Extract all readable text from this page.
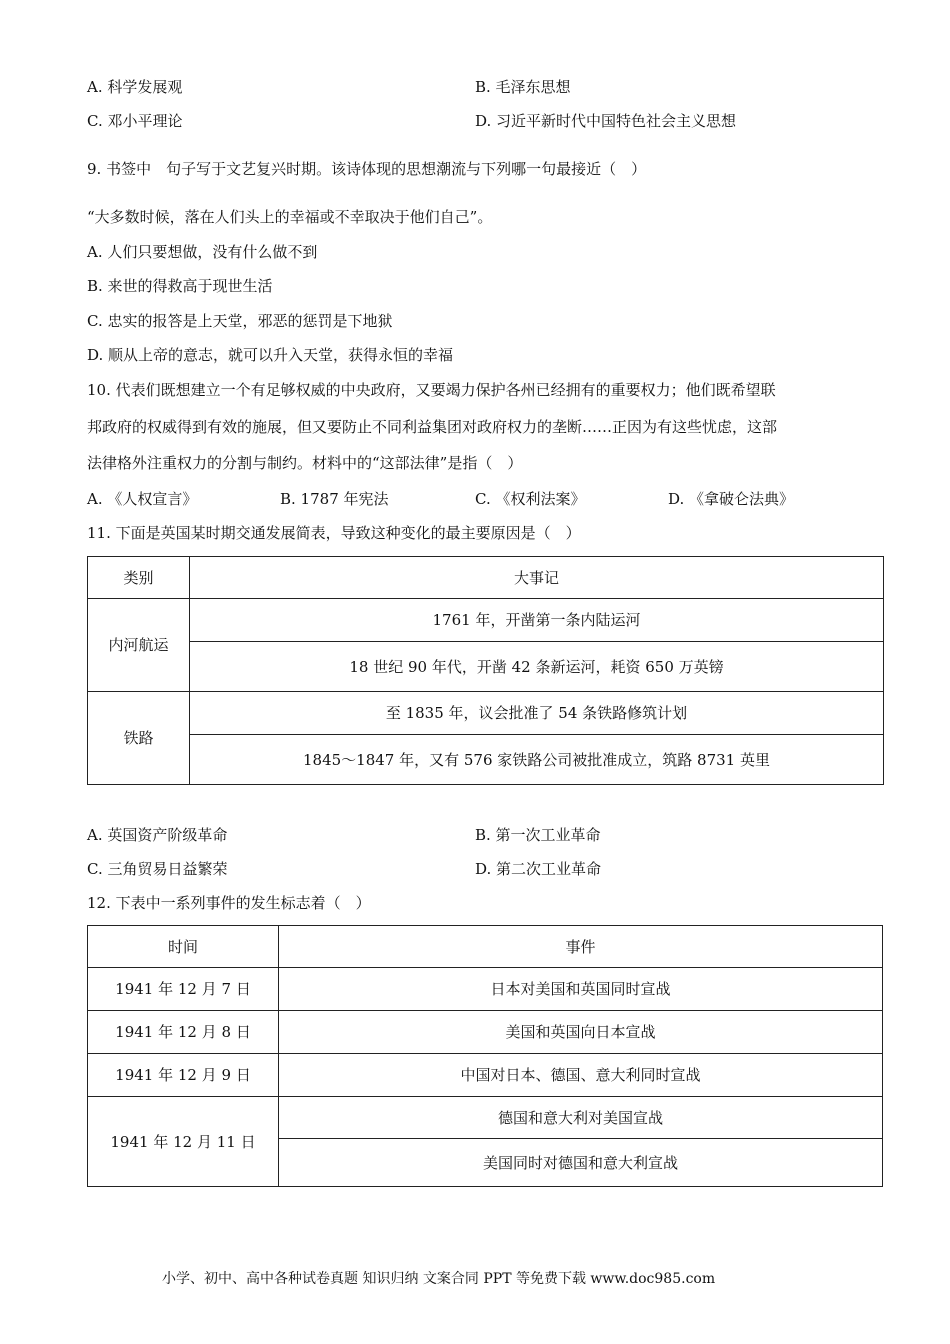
A. 科学发展观	B. 毛泽东思想
C. 邓小平理论	D. 习近平新时代中国特色社会主义思想
9. 书签中　句子写于文艺复兴时期。该诗体现的思想潮流与下列哪一句最接近（　）
“大多数时候，落在人们头上的幸福或不幸取决于他们自己”。
A. 人们只要想做，没有什么做不到
B. 来世的得救高于现世生活
C. 忠实的报答是上天堂，邪恶的惩罚是下地狱
D. 顺从上帝的意志，就可以升入天堂，获得永恒的幸福
10. 代表们既想建立一个有足够权威的中央政府，又要竭力保护各州已经拥有的重要权力；他们既希望联
邦政府的权威得到有效的施展，但又要防止不同利益集团对政府权力的垄断……正因为有这些忧虑，这部
法律格外注重权力的分割与制约。材料中的“这部法律”是指（　）
A. 《人权宣言》	B. 1787 年宪法	C. 《权利法案》	D. 《拿破仑法典》
11. 下面是英国某时期交通发展简表，导致这种变化的最主要原因是（　）
类别	大事记
内河航运	1761 年，开凿第一条内陆运河
	18 世纪 90 年代，开凿 42 条新运河，耗资 650 万英镑
铁路	至 1835 年，议会批准了 54 条铁路修筑计划
	1845～1847 年，又有 576 家铁路公司被批准成立，筑路 8731 英里
A. 英国资产阶级革命	B. 第一次工业革命
C. 三角贸易日益繁荣	D. 第二次工业革命
12. 下表中一系列事件的发生标志着（　）
时间	事件
1941 年 12 月 7 日	日本对美国和英国同时宣战
1941 年 12 月 8 日	美国和英国向日本宣战
1941 年 12 月 9 日	中国对日本、德国、意大利同时宣战
1941 年 12 月 11 日	德国和意大利对美国宣战
	美国同时对德国和意大利宣战
小学、初中、高中各种试卷真题 知识归纳 文案合同 PPT 等免费下载 www.doc985.com
